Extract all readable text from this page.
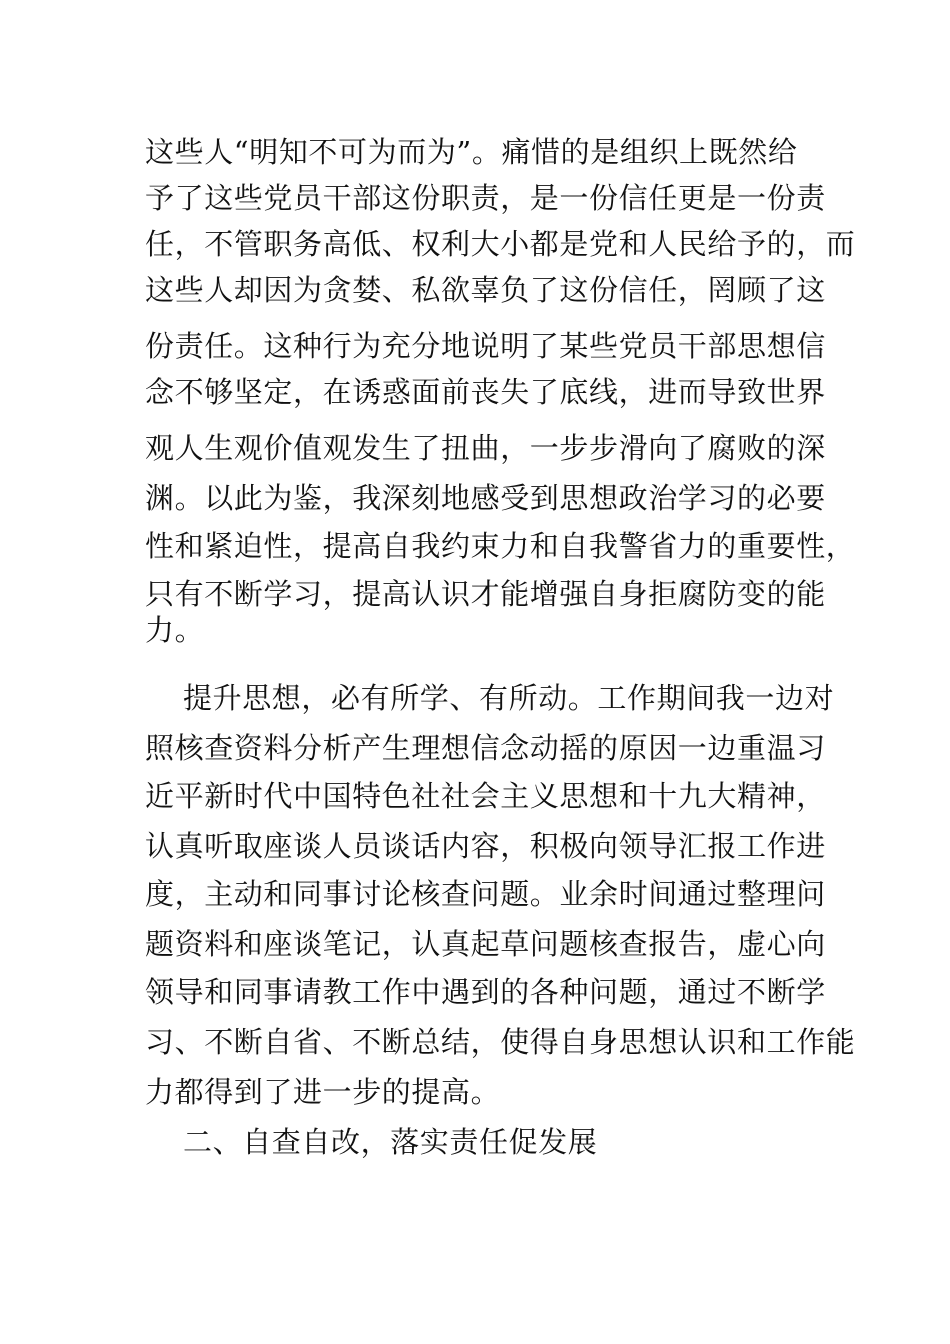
这些人“明知不可为而为”。痛惜的是组织上既然给

予了这些党员干部这份职责，是一份信任更是一份责

任，不管职务高低、权利大小都是党和人民给予的，而

这些人却因为贪婪、私欲辜负了这份信任，罔顾了这

份责任。这种行为充分地说明了某些党员干部思想信

念不够坚定，在诱惑面前丧失了底线，进而导致世界

观人生观价值观发生了扭曲，一步步滑向了腐败的深

渊。以此为鉴，我深刻地感受到思想政治学习的必要

性和紧迫性，提高自我约束力和自我警省力的重要性，

只有不断学习，提高认识才能增强自身拒腐防变的能

力。

提升思想，必有所学、有所动。工作期间我一边对

照核查资料分析产生理想信念动摇的原因一边重温习

近平新时代中国特色社社会主义思想和十九大精神，

认真听取座谈人员谈话内容，积极向领导汇报工作进

度，主动和同事讨论核查问题。业余时间通过整理问

题资料和座谈笔记，认真起草问题核查报告，虚心向

领导和同事请教工作中遇到的各种问题，通过不断学

习、不断自省、不断总结，使得自身思想认识和工作能

力都得到了进一步的提高。

二、自查自改，落实责任促发展
